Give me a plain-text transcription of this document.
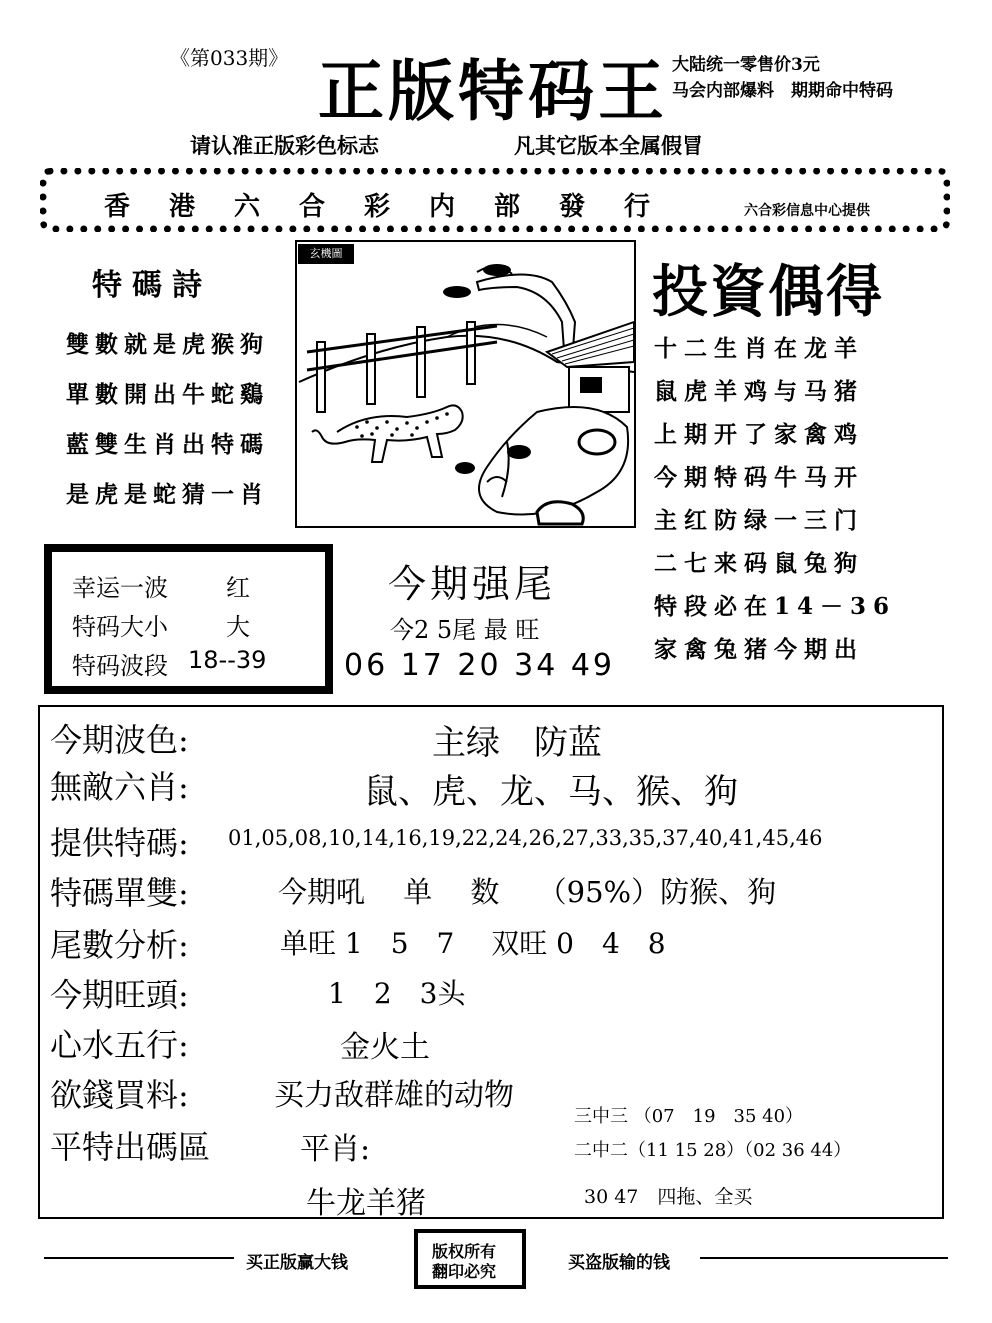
《第033期》 正版特码王 大陆统一零售价3元
马会内部爆料　期期命中特码
请认准正版彩色标志	凡其它版本全属假冒
香港六合彩内部發行	六合彩信息中心提供
特碼詩
雙數就是虎猴狗
單數開出牛蛇鷄
藍雙生肖出特碼
是虎是蛇猜一肖
玄機圖
投資偶得
十二生肖在龙羊
鼠虎羊鸡与马猪
上期开了家禽鸡
今期特码牛马开
主红防绿一三门
二七来码鼠兔狗
特段必在14－36
家禽兔猪今期出
幸运一波 红
特码大小 大
特码波段 18--39
今期强尾
今2 5尾 最 旺
06 17 20 34 49
今期波色:	主绿　防蓝
無敵六肖:	鼠、虎、龙、马、猴、狗
提供特碼: 01,05,08,10,14,16,19,22,24,26,27,33,35,37,40,41,45,46
特碼單雙:	今期吼　 单　 数　 （95%）防猴、狗
尾數分析:	单旺 1　5　7　 双旺 0　4　8
今期旺頭:	1　2　3头
心水五行:	金火土
欲錢買料:	买力敌群雄的动物
平特出碼區	平肖:
牛龙羊猪
三中三 （07　19　35 40）
二中二（11 15 28）（02 36 44）
30 47　四拖、全买
买正版赢大钱
版权所有
翻印必究	买盗版输的钱
